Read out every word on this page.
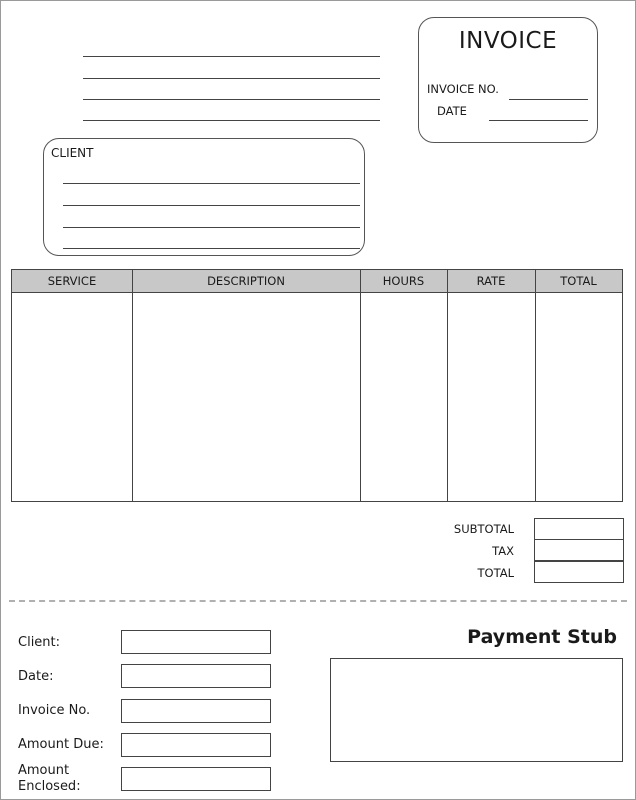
INVOICE
INVOICE NO.
DATE
CLIENT
SERVICE	DESCRIPTION	HOURS	RATE	TOTAL
SUBTOTAL
TAX
TOTAL
Payment Stub
Client:
Date:
Invoice No.
Amount Due:
Amount Enclosed:
